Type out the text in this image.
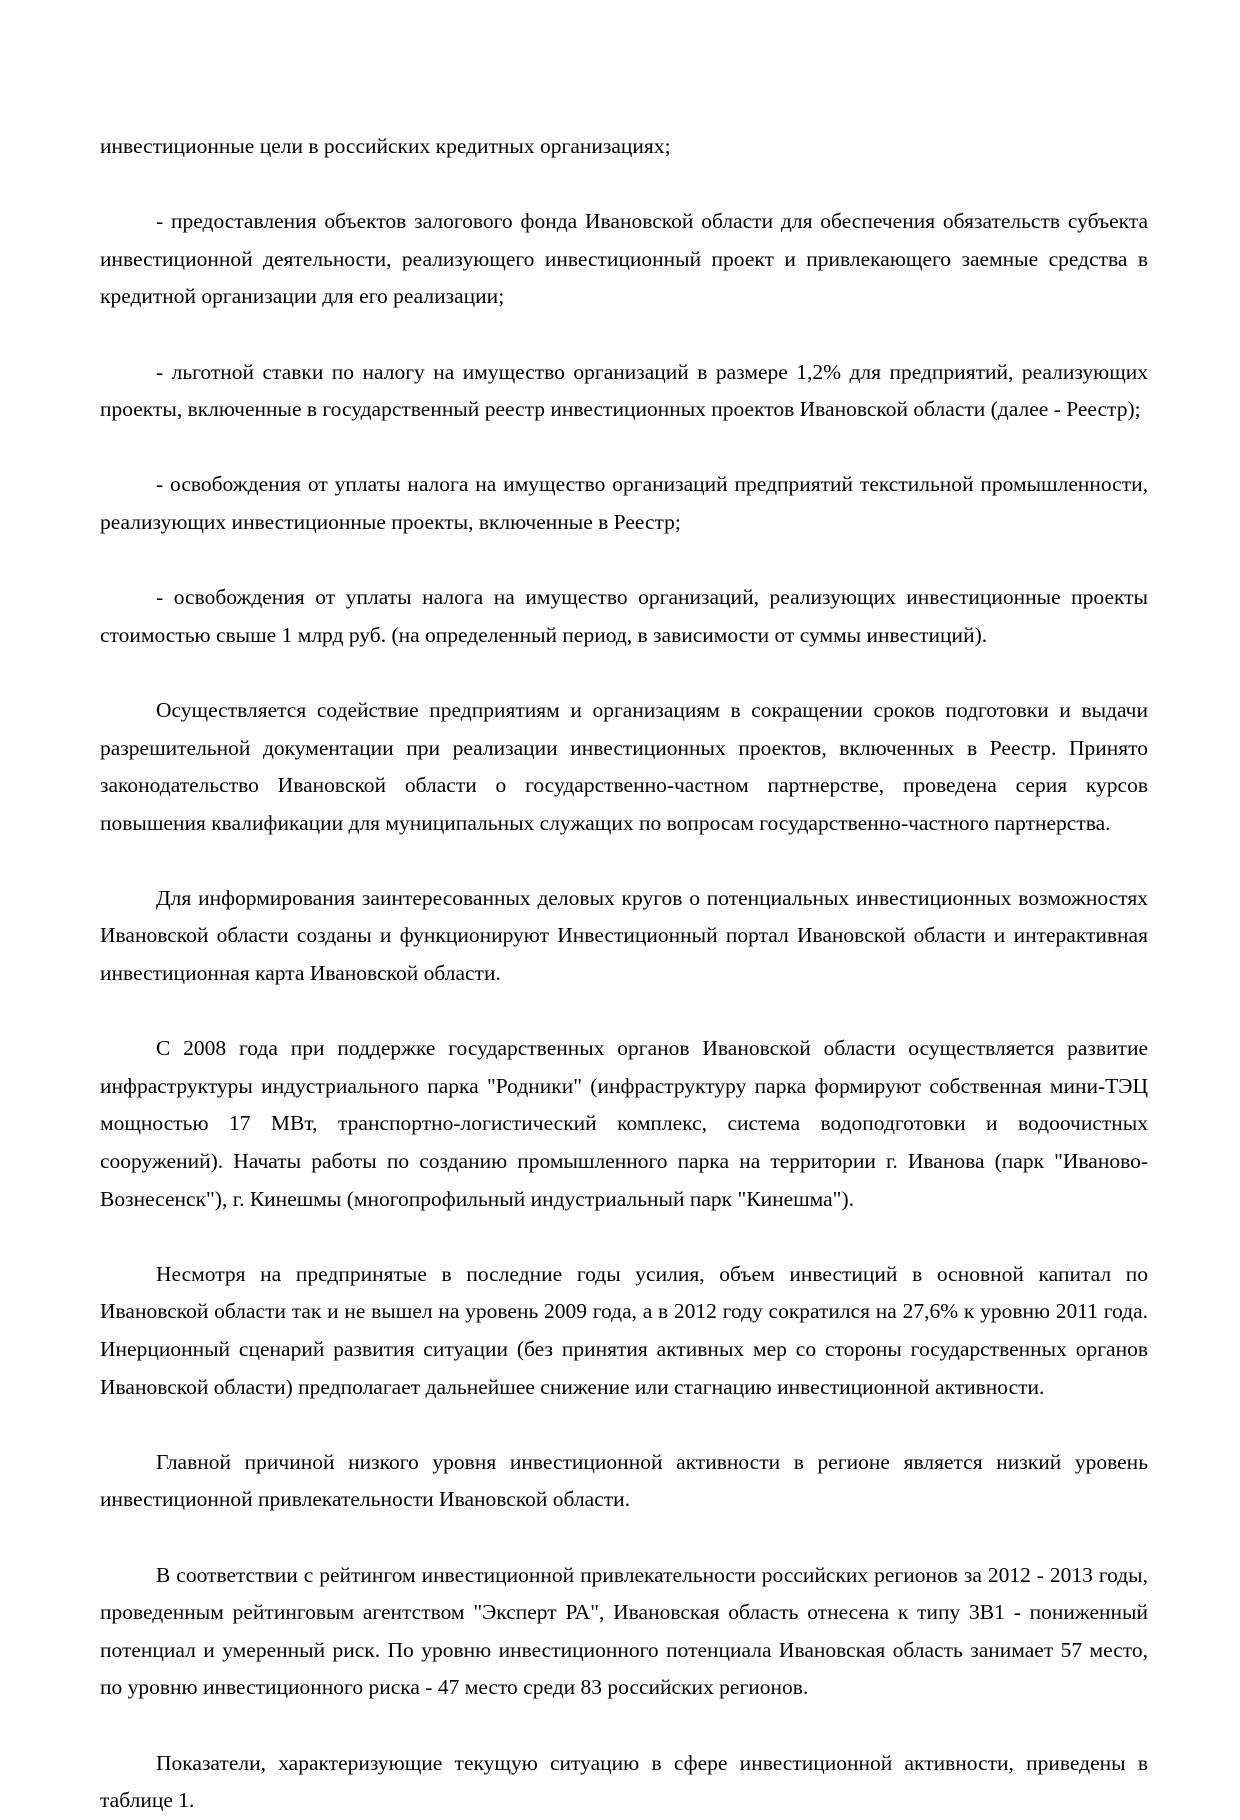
инвестиционные цели в российских кредитных организациях;

- предоставления объектов залогового фонда Ивановской области для обеспечения обязательств субъекта инвестиционной деятельности, реализующего инвестиционный проект и привлекающего заемные средства в кредитной организации для его реализации;

- льготной ставки по налогу на имущество организаций в размере 1,2% для предприятий, реализующих проекты, включенные в государственный реестр инвестиционных проектов Ивановской области (далее - Реестр);

- освобождения от уплаты налога на имущество организаций предприятий текстильной промышленности, реализующих инвестиционные проекты, включенные в Реестр;

- освобождения от уплаты налога на имущество организаций, реализующих инвестиционные проекты стоимостью свыше 1 млрд руб. (на определенный период, в зависимости от суммы инвестиций).

Осуществляется содействие предприятиям и организациям в сокращении сроков подготовки и выдачи разрешительной документации при реализации инвестиционных проектов, включенных в Реестр. Принято законодательство Ивановской области о государственно-частном партнерстве, проведена серия курсов повышения квалификации для муниципальных служащих по вопросам государственно-частного партнерства.

Для информирования заинтересованных деловых кругов о потенциальных инвестиционных возможностях Ивановской области созданы и функционируют Инвестиционный портал Ивановской области и интерактивная инвестиционная карта Ивановской области.

С 2008 года при поддержке государственных органов Ивановской области осуществляется развитие инфраструктуры индустриального парка "Родники" (инфраструктуру парка формируют собственная мини-ТЭЦ мощностью 17 МВт, транспортно-логистический комплекс, система водоподготовки и водоочистных сооружений). Начаты работы по созданию промышленного парка на территории г. Иванова (парк "Иваново-Вознесенск"), г. Кинешмы (многопрофильный индустриальный парк "Кинешма").

Несмотря на предпринятые в последние годы усилия, объем инвестиций в основной капитал по Ивановской области так и не вышел на уровень 2009 года, а в 2012 году сократился на 27,6% к уровню 2011 года. Инерционный сценарий развития ситуации (без принятия активных мер со стороны государственных органов Ивановской области) предполагает дальнейшее снижение или стагнацию инвестиционной активности.

Главной причиной низкого уровня инвестиционной активности в регионе является низкий уровень инвестиционной привлекательности Ивановской области.

В соответствии с рейтингом инвестиционной привлекательности российских регионов за 2012 - 2013 годы, проведенным рейтинговым агентством "Эксперт РА", Ивановская область отнесена к типу 3В1 - пониженный потенциал и умеренный риск. По уровню инвестиционного потенциала Ивановская область занимает 57 место, по уровню инвестиционного риска - 47 место среди 83 российских регионов.

Показатели, характеризующие текущую ситуацию в сфере инвестиционной активности, приведены в таблице 1.
